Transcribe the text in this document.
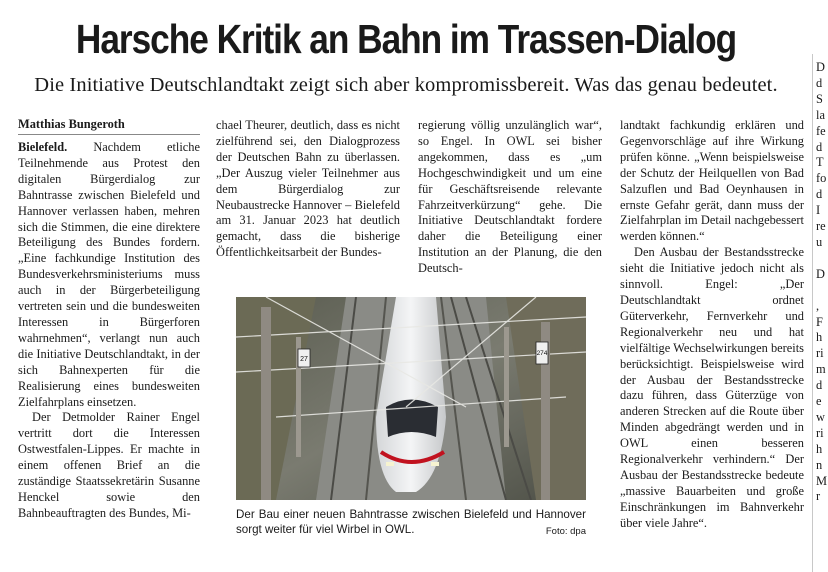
Harsche Kritik an Bahn im Trassen-Dialog
Die Initiative Deutschlandtakt zeigt sich aber kompromissbereit. Was das genau bedeutet.
Matthias Bungeroth

Bielefeld. Nachdem etliche Teilnehmende aus Protest den digitalen Bürgerdialog zur Bahntrasse zwischen Bielefeld und Hannover verlassen haben, mehren sich die Stimmen, die eine direktere Beteiligung des Bundes fordern. „Eine fachkundige Institution des Bundesverkehrsministeriums muss auch in der Bürgerbeteiligung vertreten sein und die bundesweiten Interessen in Bürgerforen wahrnehmen“, verlangt nun auch die Initiative Deutschlandtakt, in der sich Bahnexperten für die Realisierung eines bundesweiten Zielfahrplans einsetzen.

Der Detmolder Rainer Engel vertritt dort die Interessen Ostwestfalen-Lippes. Er machte in einem offenen Brief an die zuständige Staatssekretärin Susanne Henckel sowie den Bahnbeauftragten des Bundes, Mi-

chael Theurer, deutlich, dass es nicht zielführend sei, den Dialogprozess der Deutschen Bahn zu überlassen. „Der Auszug vieler Teilnehmer aus dem Bürgerdialog zur Neubaustrecke Hannover – Bielefeld am 31. Januar 2023 hat deutlich gemacht, dass die bisherige Öffentlichkeitsarbeit der Bundes-

regierung völlig unzulänglich war“, so Engel. In OWL sei bisher angekommen, dass es „um Hochgeschwindigkeit und um eine für Geschäftsreisende relevante Fahrzeitverkürzung“ gehe. Die Initiative Deutschlandtakt fordere daher die Beteiligung einer Institution an der Planung, die den Deutsch-

landtakt fachkundig erklären und Gegenvorschläge auf ihre Wirkung prüfen könne. „Wenn beispielsweise der Schutz der Heilquellen von Bad Salzuflen und Bad Oeynhausen in ernste Gefahr gerät, dann muss der Zielfahrplan im Detail nachgebessert werden können.“

Den Ausbau der Bestandsstrecke sieht die Initiative jedoch nicht als sinnvoll. Engel: „Der Deutschlandtakt ordnet Güterverkehr, Fernverkehr und Regionalverkehr neu und hat vielfältige Wechselwirkungen bereits berücksichtigt. Beispielsweise wird der Ausbau der Bestandsstrecke dazu führen, dass Güterzüge von anderen Strecken auf die Route über Minden abgedrängt werden und in OWL einen besseren Regionalverkehr verhindern.“ Der Ausbau der Bestandsstrecke bedeute „massive Bauarbeiten und große Einschränkungen im Bahnverkehr über viele Jahre“.

27
274
Der Bau einer neuen Bahntrasse zwischen Bielefeld und Hannover sorgt weiter für viel Wirbel in OWL.	Foto: dpa
D
d
S
la
fe
d
T
fo
d
I
re
u

D

,
F
h
ri
m
d
e
w
ri
h
n
M
r
